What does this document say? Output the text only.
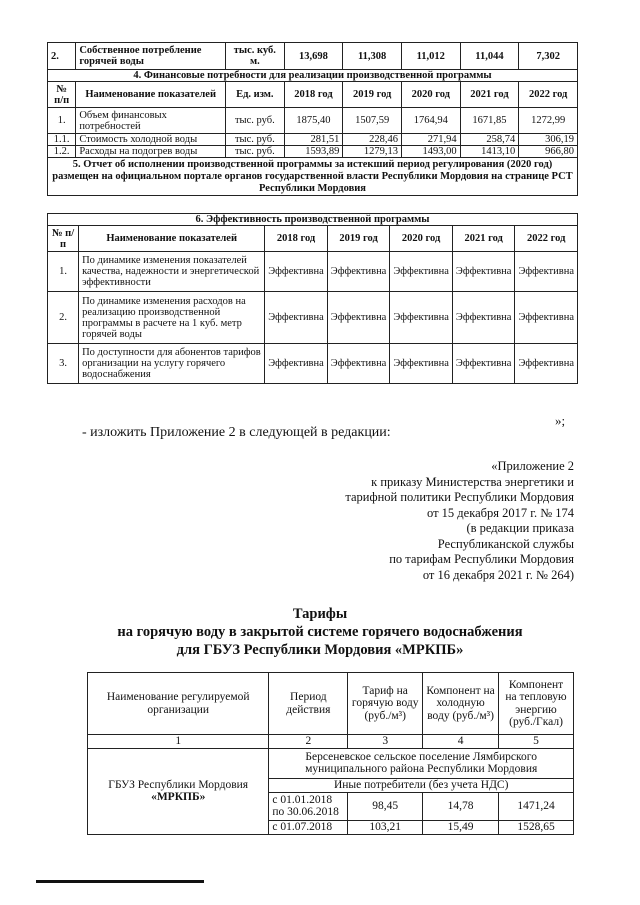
2.	Собственное потребление горячей воды	тыс. куб. м.	13,698	11,308	11,012	11,044	7,302
4. Финансовые потребности для реализации производственной программы							
№ п/п	Наименование показателей	Ед. изм.	2018 год	2019 год	2020 год	2021 год	2022 год
1.	Объем финансовых потребностей	тыс. руб.	1875,40	1507,59	1764,94	1671,85	1272,99
1.1.	Стоимость холодной воды	тыс. руб.	281,51	228,46	271,94	258,74	306,19
1.2.	Расходы на подогрев воды	тыс. руб.	1593,89	1279,13	1493,00	1413,10	966,80
5. Отчет об исполнении производственной программы за истекший период регулирования (2020 год) размещен на официальном портале органов государственной власти Республики Мордовия на странице РСТ Республики Мордовия							
6. Эффективность производственной программы						
№ п/п	Наименование показателей	2018 год	2019 год	2020 год	2021 год	2022 год
1.	По динамике изменения показателей качества, надежности и энергетической эффективности	Эффективна	Эффективна	Эффективна	Эффективна	Эффективна
2.	По динамике изменения расходов на реализацию производственной программы в расчете на 1 куб. метр горячей воды	Эффективна	Эффективна	Эффективна	Эффективна	Эффективна
3.	По доступности для абонентов тарифов организации на услугу горячего водоснабжения	Эффективна	Эффективна	Эффективна	Эффективна	Эффективна
»;
- изложить Приложение 2 в следующей в редакции:
«Приложение 2
к приказу Министерства энергетики и
тарифной политики Республики Мордовия
от 15 декабря 2017 г. № 174
(в редакции приказа
Республиканской службы
по тарифам Республики Мордовия
от 16 декабря 2021 г. № 264)
Тарифы
на горячую воду в закрытой системе горячего водоснабжения
для ГБУЗ Республики Мордовия «МРКПБ»
Наименование регулируемой организации	Период действия	Тариф на горячую воду (руб./м³)	Компонент на холодную воду (руб./м³)	Компонент на тепловую энергию (руб./Гкал)
1	2	3	4	5

ГБУЗ Республики Мордовия
«МРКПБ»	Берсеневское сельское поселение Лямбирского муниципального района Республики Мордовия			
	Иные потребители (без учета НДС)			
	с 01.01.2018 по 30.06.2018	98,45	14,78	1471,24
	с 01.07.2018	103,21	15,49	1528,65
